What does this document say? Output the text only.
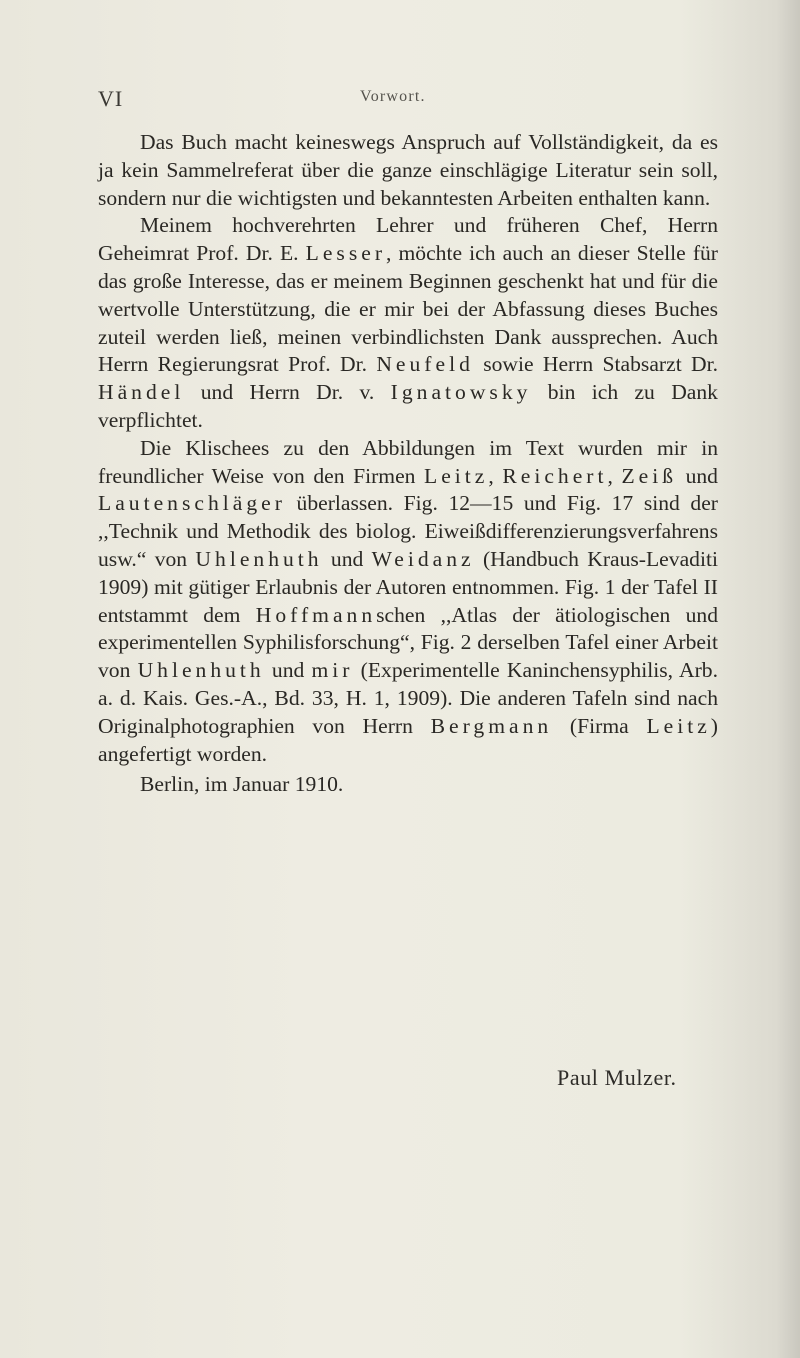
VI	Vorwort.

Das Buch macht keineswegs Anspruch auf Vollständigkeit, da es ja kein Sammelreferat über die ganze einschlägige Literatur sein soll, sondern nur die wichtigsten und bekanntesten Arbeiten enthalten kann.

Meinem hochverehrten Lehrer und früheren Chef, Herrn Geheimrat Prof. Dr. E. Lesser, möchte ich auch an dieser Stelle für das große Interesse, das er meinem Beginnen geschenkt hat und für die wertvolle Unterstützung, die er mir bei der Abfassung dieses Buches zuteil werden ließ, meinen verbindlichsten Dank aussprechen. Auch Herrn Regierungsrat Prof. Dr. Neufeld sowie Herrn Stabsarzt Dr. Händel und Herrn Dr. v. Ignatowsky bin ich zu Dank verpflichtet.

Die Klischees zu den Abbildungen im Text wurden mir in freundlicher Weise von den Firmen Leitz, Reichert, Zeiß und Lautenschläger überlassen. Fig. 12—15 und Fig. 17 sind der ,,Technik und Methodik des biolog. Eiweißdifferenzierungsverfahrens usw.“ von Uhlenhuth und Weidanz (Handbuch Kraus-Levaditi 1909) mit gütiger Erlaubnis der Autoren entnommen. Fig. 1 der Tafel II entstammt dem Hoffmannschen ,,Atlas der ätiologischen und experimentellen Syphilisforschung“, Fig. 2 derselben Tafel einer Arbeit von Uhlenhuth und mir (Experimentelle Kaninchensyphilis, Arb. a. d. Kais. Ges.-A., Bd. 33, H. 1, 1909). Die anderen Tafeln sind nach Originalphotographien von Herrn Bergmann (Firma Leitz) angefertigt worden.

Berlin, im Januar 1910.

Paul Mulzer.
